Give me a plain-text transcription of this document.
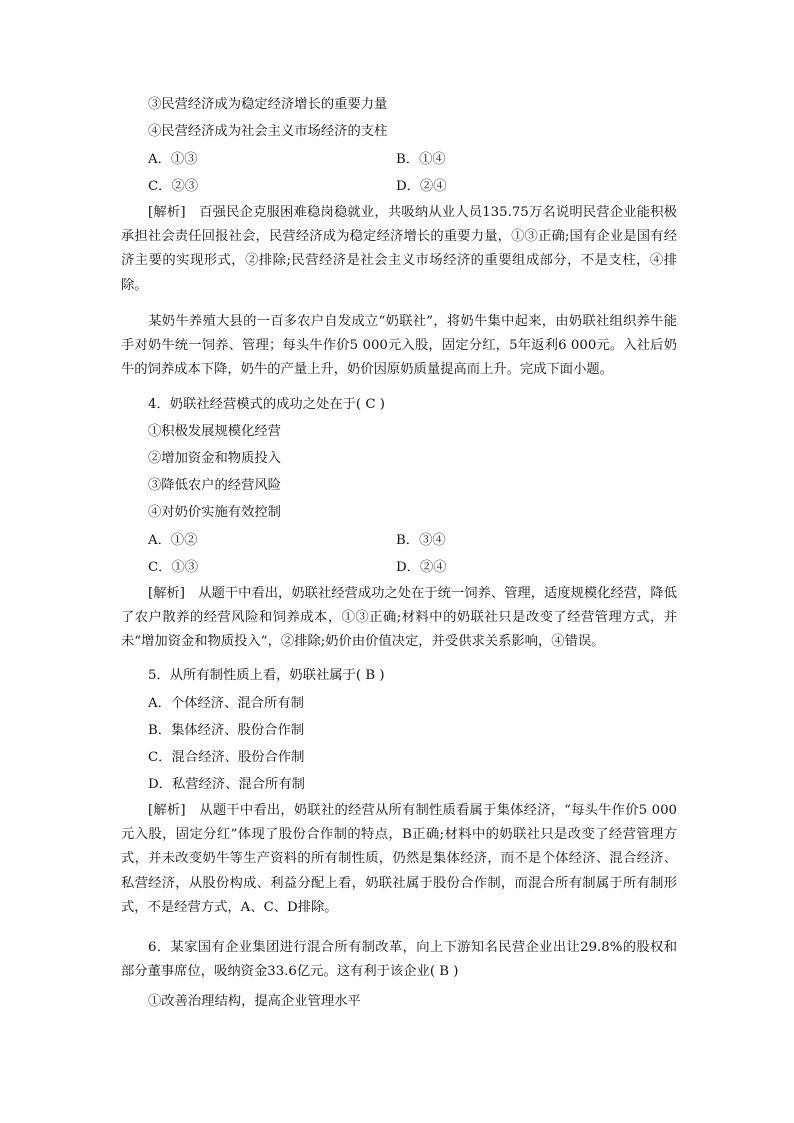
③民营经济成为稳定经济增长的重要力量
④民营经济成为社会主义市场经济的支柱
A．①③	B．①④
C．②③	D．②④
[解析]　百强民企克服困难稳岗稳就业，共吸纳从业人员135.75万名说明民营企业能积极承担社会责任回报社会，民营经济成为稳定经济增长的重要力量，①③正确;国有企业是国有经济主要的实现形式，②排除;民营经济是社会主义市场经济的重要组成部分，不是支柱，④排除。
某奶牛养殖大县的一百多农户自发成立“奶联社”，将奶牛集中起来，由奶联社组织养牛能手对奶牛统一饲养、管理；每头牛作价5 000元入股，固定分红，5年返利6 000元。入社后奶牛的饲养成本下降，奶牛的产量上升，奶价因原奶质量提高而上升。完成下面小题。
4．奶联社经营模式的成功之处在于( C )
①积极发展规模化经营
②增加资金和物质投入
③降低农户的经营风险
④对奶价实施有效控制
A．①②	B．③④
C．①③	D．②④
[解析]　从题干中看出，奶联社经营成功之处在于统一饲养、管理，适度规模化经营，降低了农户散养的经营风险和饲养成本，①③正确;材料中的奶联社只是改变了经营管理方式，并未“增加资金和物质投入”，②排除;奶价由价值决定，并受供求关系影响，④错误。
5．从所有制性质上看，奶联社属于( B )
A．个体经济、混合所有制
B．集体经济、股份合作制
C．混合经济、股份合作制
D．私营经济、混合所有制
[解析]　从题干中看出，奶联社的经营从所有制性质看属于集体经济，“每头牛作价5 000元入股，固定分红”体现了股份合作制的特点，B正确;材料中的奶联社只是改变了经营管理方式，并未改变奶牛等生产资料的所有制性质，仍然是集体经济，而不是个体经济、混合经济、私营经济，从股份构成、利益分配上看，奶联社属于股份合作制，而混合所有制属于所有制形式，不是经营方式，A、C、D排除。
6．某家国有企业集团进行混合所有制改革，向上下游知名民营企业出让29.8%的股权和部分董事席位，吸纳资金33.6亿元。这有利于该企业( B )
①改善治理结构，提高企业管理水平
